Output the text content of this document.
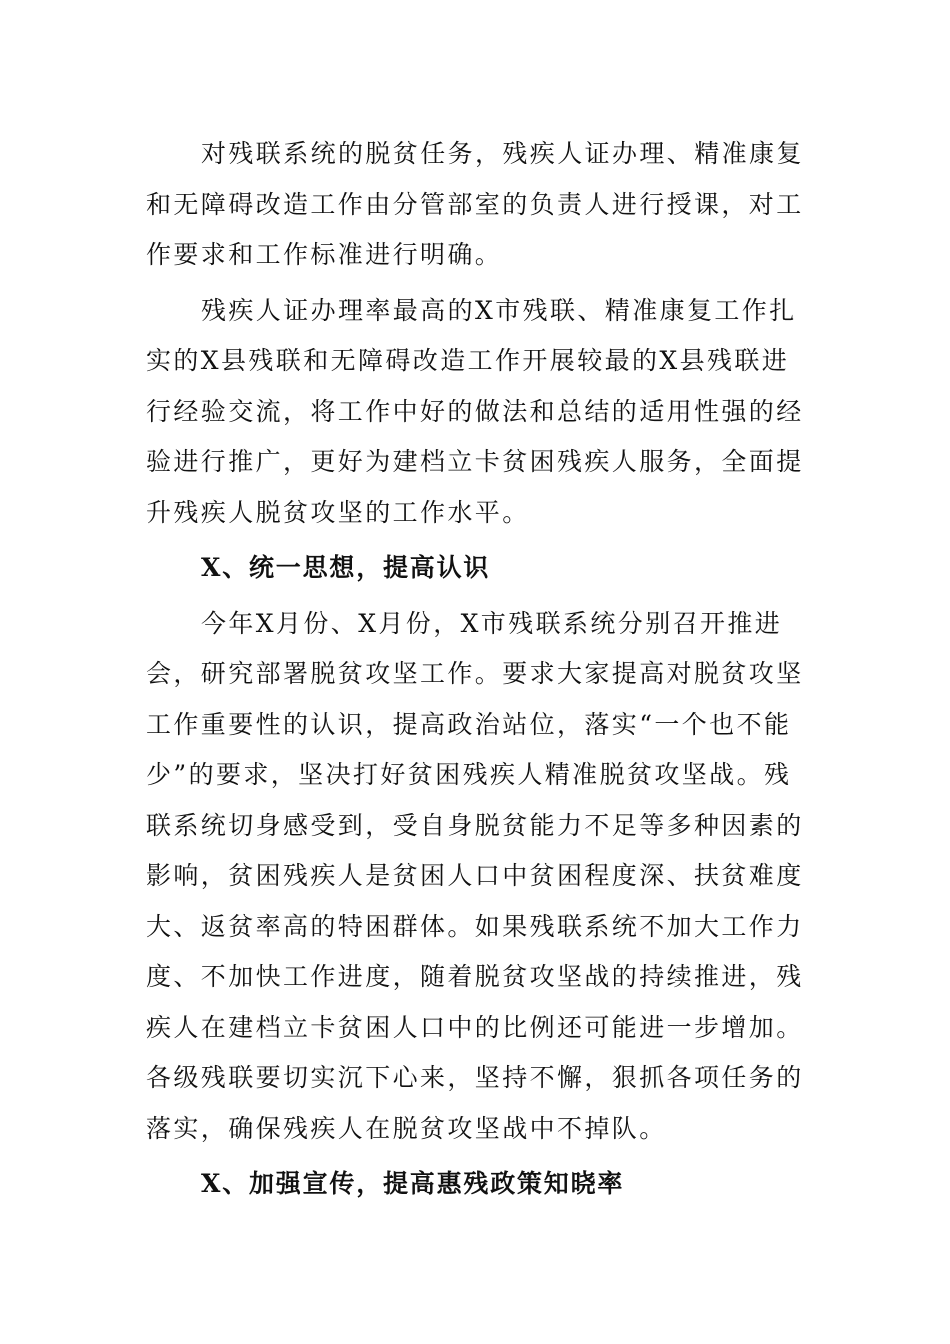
对残联系统的脱贫任务，残疾人证办理、精准康复和无障碍改造工作由分管部室的负责人进行授课，对工作要求和工作标准进行明确。

残疾人证办理率最高的X市残联、精准康复工作扎实的X县残联和无障碍改造工作开展较最的X县残联进行经验交流，将工作中好的做法和总结的适用性强的经验进行推广，更好为建档立卡贫困残疾人服务，全面提升残疾人脱贫攻坚的工作水平。

X、统一思想，提高认识

今年X月份、X月份，X市残联系统分别召开推进会，研究部署脱贫攻坚工作。要求大家提高对脱贫攻坚工作重要性的认识，提高政治站位，落实“一个也不能少”的要求，坚决打好贫困残疾人精准脱贫攻坚战。残联系统切身感受到，受自身脱贫能力不足等多种因素的影响，贫困残疾人是贫困人口中贫困程度深、扶贫难度大、返贫率高的特困群体。如果残联系统不加大工作力度、不加快工作进度，随着脱贫攻坚战的持续推进，残疾人在建档立卡贫困人口中的比例还可能进一步增加。各级残联要切实沉下心来，坚持不懈，狠抓各项任务的落实，确保残疾人在脱贫攻坚战中不掉队。

X、加强宣传，提高惠残政策知晓率
